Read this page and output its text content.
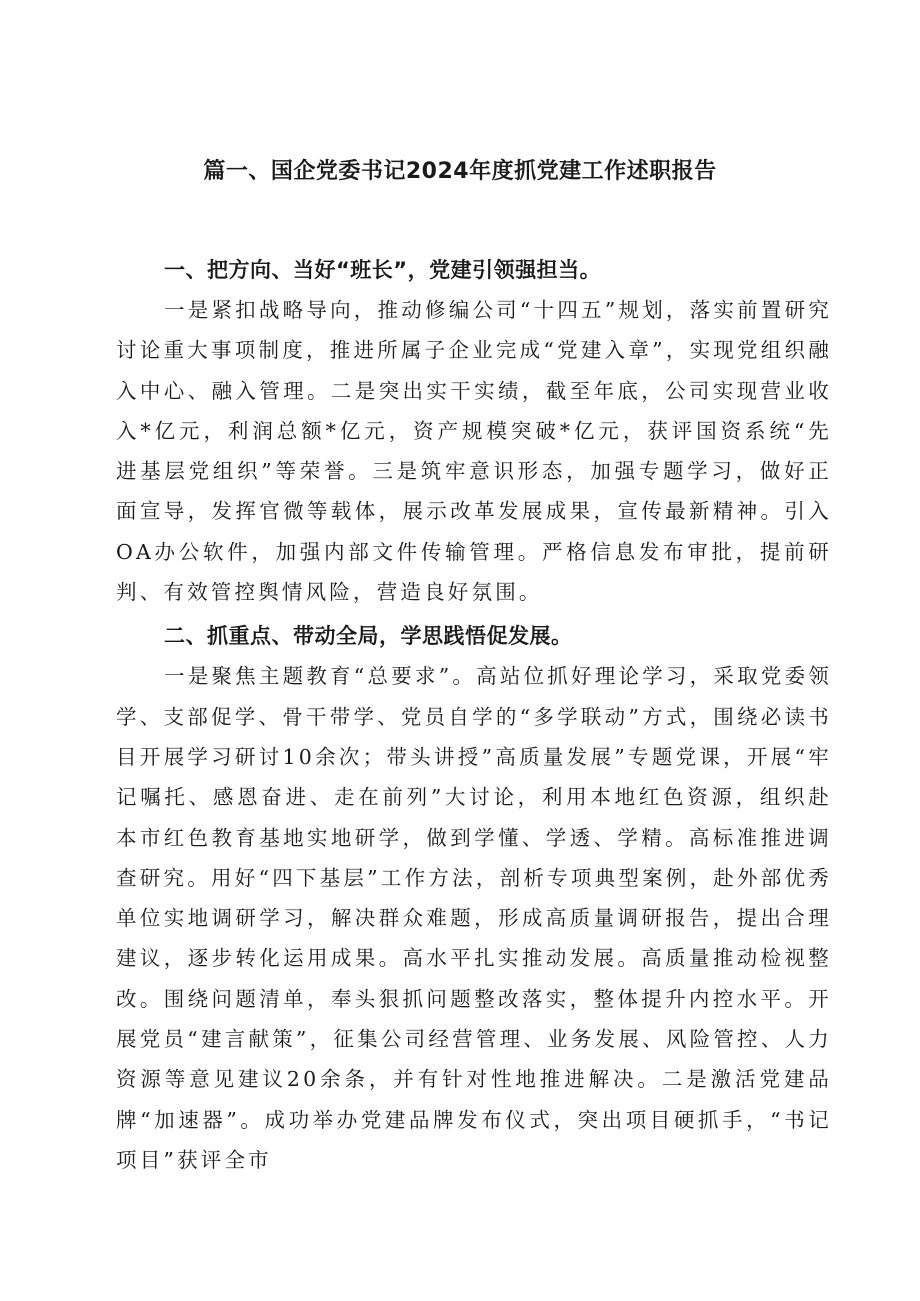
篇一、国企党委书记2024年度抓党建工作述职报告

一、把方向、当好“班长”，党建引领强担当。

一是紧扣战略导向，推动修编公司“十四五”规划，落实前置研究讨论重大事项制度，推进所属子企业完成“党建入章”，实现党组织融入中心、融入管理。二是突出实干实绩，截至年底，公司实现营业收入*亿元，利润总额*亿元，资产规模突破*亿元，获评国资系统“先进基层党组织”等荣誉。三是筑牢意识形态，加强专题学习，做好正面宣导，发挥官微等载体，展示改革发展成果，宣传最新精神。引入OA办公软件，加强内部文件传输管理。严格信息发布审批，提前研判、有效管控舆情风险，营造良好氛围。

二、抓重点、带动全局，学思践悟促发展。

一是聚焦主题教育“总要求”。高站位抓好理论学习，采取党委领学、支部促学、骨干带学、党员自学的“多学联动”方式，围绕必读书目开展学习研讨10余次；带头讲授”高质量发展”专题党课，开展“牢记嘱托、感恩奋进、走在前列”大讨论，利用本地红色资源，组织赴本市红色教育基地实地研学，做到学懂、学透、学精。高标准推进调查研究。用好“四下基层”工作方法，剖析专项典型案例，赴外部优秀单位实地调研学习，解决群众难题，形成高质量调研报告，提出合理建议，逐步转化运用成果。高水平扎实推动发展。高质量推动检视整改。围绕问题清单，奉头狠抓问题整改落实，整体提升内控水平。开展党员“建言献策”，征集公司经营管理、业务发展、风险管控、人力资源等意见建议20余条，并有针对性地推进解决。二是激活党建品牌“加速器”。成功举办党建品牌发布仪式，突出项目硬抓手，“书记项目”获评全市
